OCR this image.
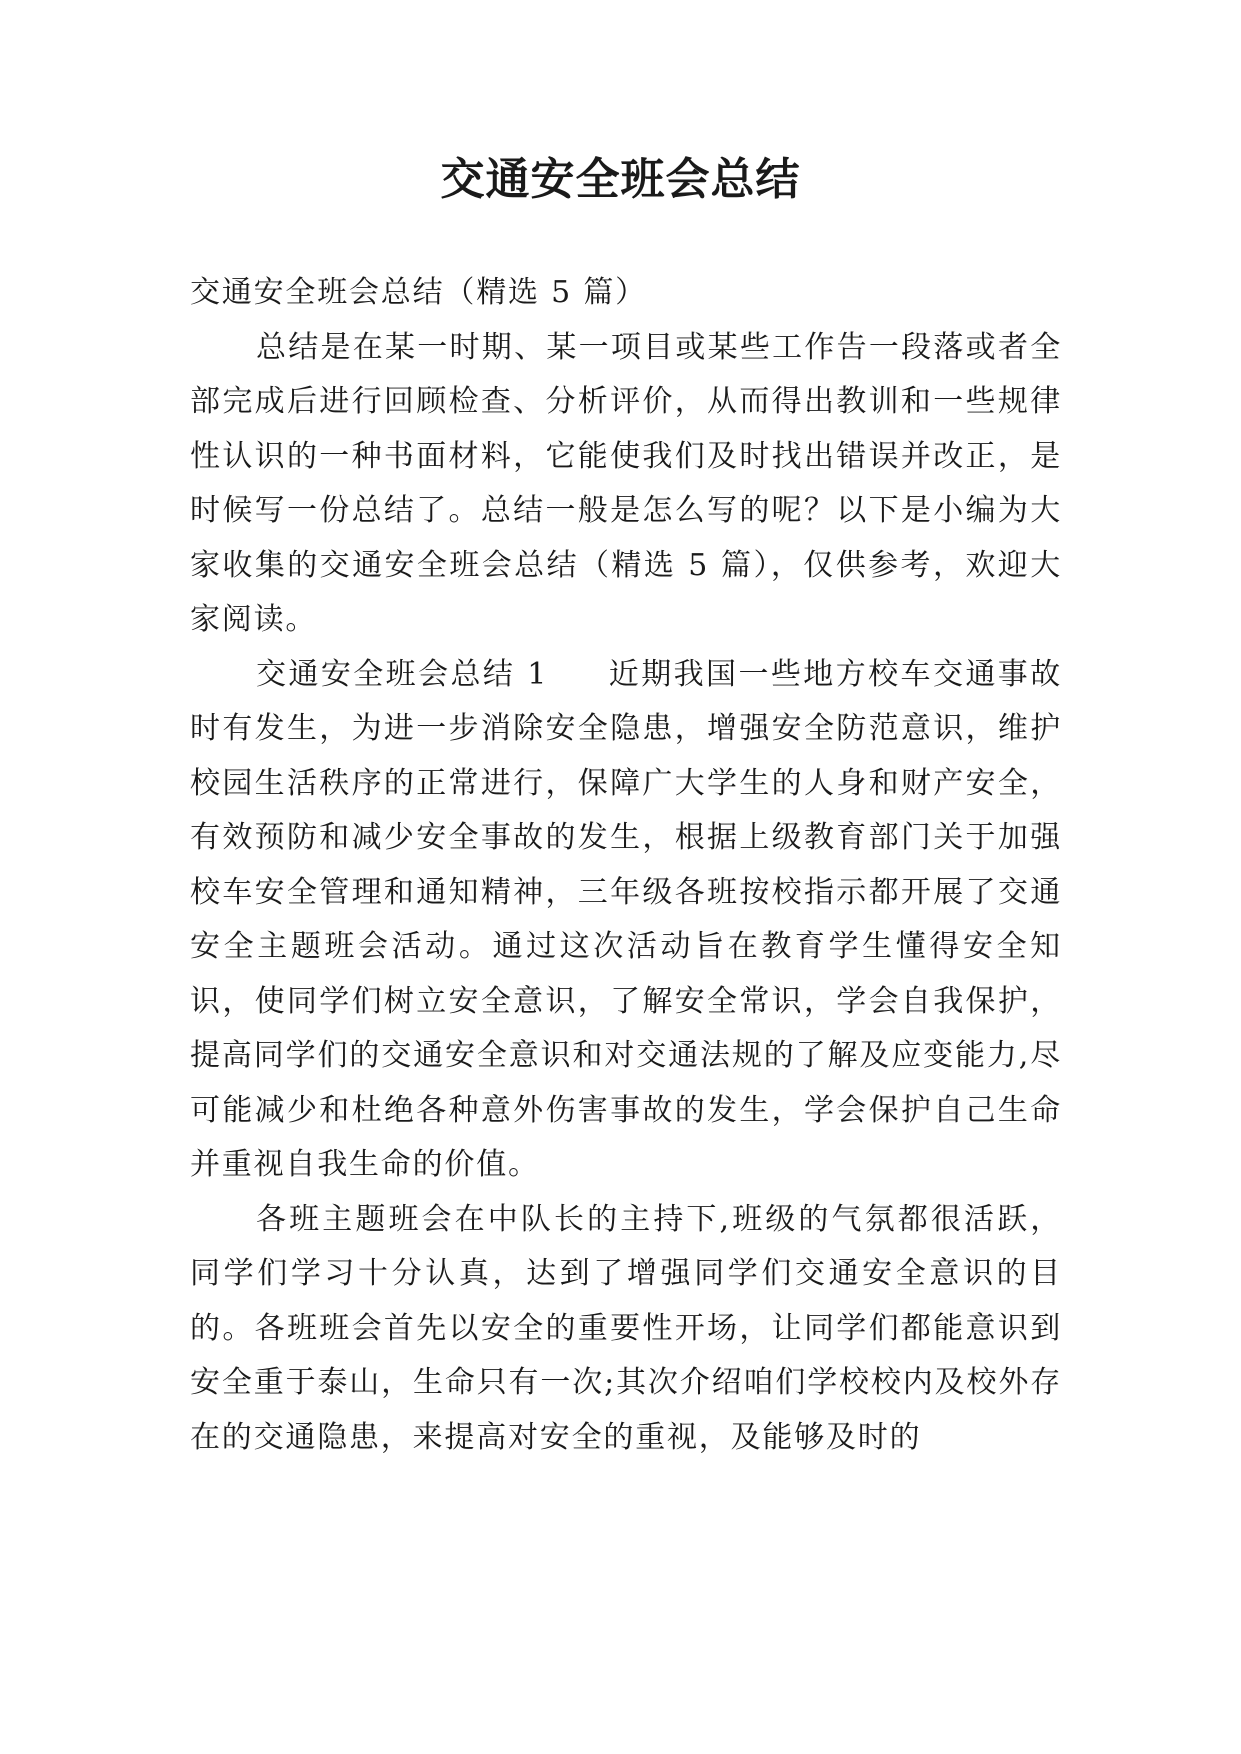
交通安全班会总结

交通安全班会总结（精选 5 篇）

总结是在某一时期、某一项目或某些工作告一段落或者全部完成后进行回顾检查、分析评价，从而得出教训和一些规律性认识的一种书面材料，它能使我们及时找出错误并改正，是时候写一份总结了。总结一般是怎么写的呢？以下是小编为大家收集的交通安全班会总结（精选 5 篇），仅供参考，欢迎大家阅读。

交通安全班会总结 1 近期我国一些地方校车交通事故时有发生，为进一步消除安全隐患，增强安全防范意识，维护校园生活秩序的正常进行，保障广大学生的人身和财产安全，有效预防和减少安全事故的发生，根据上级教育部门关于加强校车安全管理和通知精神，三年级各班按校指示都开展了交通安全主题班会活动。通过这次活动旨在教育学生懂得安全知识，使同学们树立安全意识，了解安全常识，学会自我保护，提高同学们的交通安全意识和对交通法规的了解及应变能力,尽可能减少和杜绝各种意外伤害事故的发生，学会保护自己生命并重视自我生命的价值。

各班主题班会在中队长的主持下,班级的气氛都很活跃，同学们学习十分认真，达到了增强同学们交通安全意识的目的。各班班会首先以安全的重要性开场，让同学们都能意识到安全重于泰山，生命只有一次;其次介绍咱们学校校内及校外存在的交通隐患，来提高对安全的重视，及能够及时的
